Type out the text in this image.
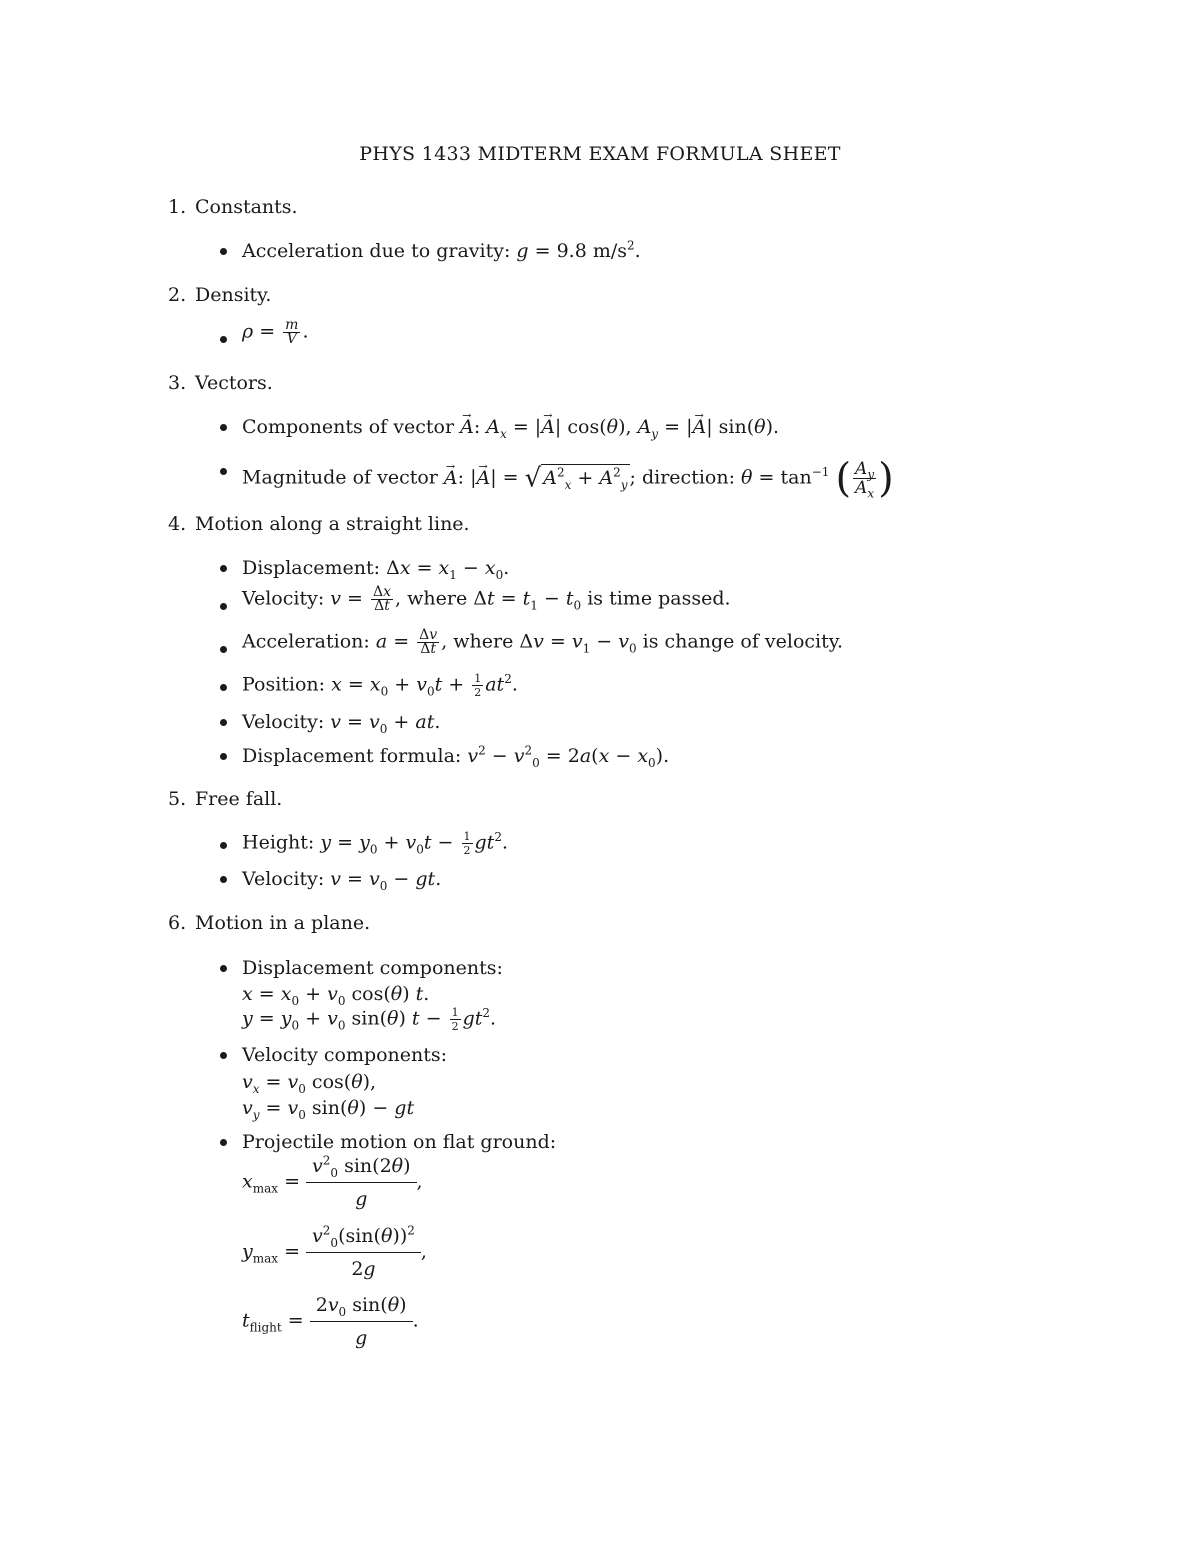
PHYS 1433 MIDTERM EXAM FORMULA SHEET
1. Constants.
Acceleration due to gravity: g = 9.8 $m/s^2$.
2. Density.
$\rho = \frac{m}{V}$ .
3. Vectors.
Components of vector → A: $A_x$ = |→ A| cos(θ), $A_y$ = |→ A| sin(θ).
Magnitude of vector → A: |→ A| = √ $A^2_x + A^2_y$ ; direction: $\theta = \tan^{-1}$ ( $\frac{A_y}{A_x}$ )
4. Motion along a straight line.
Displacement: $\Delta x = x_1 - x_0$.
Velocity: $v = \frac{\Delta x}{\Delta t}$ , where $\Delta t = t_1 - t_0$ is time passed.
Acceleration: $a = \frac{\Delta v}{\Delta t}$ , where $\Delta v = v_1 - v_0$ is change of velocity.
Position: $x = x_0 + v_0t + \frac{1}{2} at^2$.
Velocity: $v = v_0$ + at.
Displacement formula: $v^2 - v^2_0 = 2a(x - x_0)$.
5. Free fall.
Height: $y = y_0 + v_0t - \frac{1}{2} gt^2$.
Velocity: $v = v_0$ − gt.
6. Motion in a plane.
Displacement components:
$x = x_0 + v_0$ cos(θ) t.
$y = y_0 + v_0$ sin(θ) $t - \frac{1}{2} gt^2$.
Velocity components:
$v_x = v_0$ cos(θ),
$v_y = v_0$ sin(θ) − gt
Projectile motion on flat ground:
$x_{max} = \frac{v^2_0 \sin(2\theta)}{g}$ ,
$y_{max} = \frac{v^2_0(\sin(\theta))^2}{2g}$ ,
$t_{flight} = \frac{2v_0 \sin(\theta)}{g}$ .
